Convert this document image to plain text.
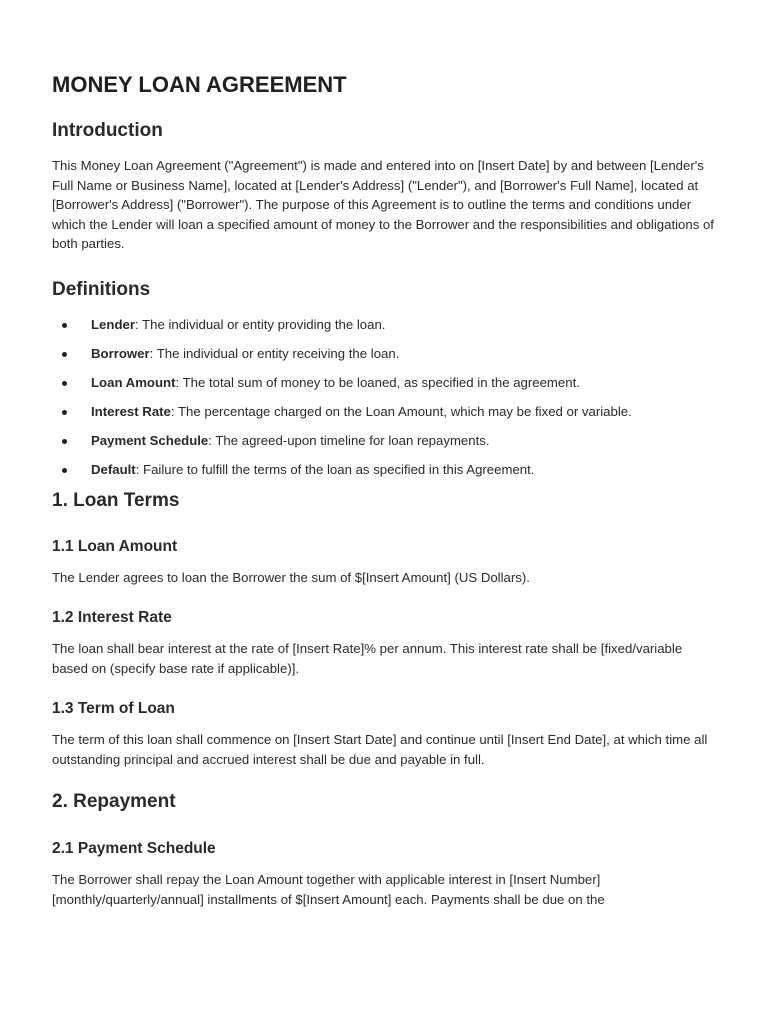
MONEY LOAN AGREEMENT
Introduction

This Money Loan Agreement ("Agreement") is made and entered into on [Insert Date] by and between [Lender's Full Name or Business Name], located at [Lender's Address] ("Lender"), and [Borrower's Full Name], located at [Borrower's Address] ("Borrower"). The purpose of this Agreement is to outline the terms and conditions under which the Lender will loan a specified amount of money to the Borrower and the responsibilities and obligations of both parties.

Definitions
Lender: The individual or entity providing the loan.
Borrower: The individual or entity receiving the loan.
Loan Amount: The total sum of money to be loaned, as specified in the agreement.
Interest Rate: The percentage charged on the Loan Amount, which may be fixed or variable.
Payment Schedule: The agreed-upon timeline for loan repayments.
Default: Failure to fulfill the terms of the loan as specified in this Agreement.
1. Loan Terms
1.1 Loan Amount

The Lender agrees to loan the Borrower the sum of $[Insert Amount] (US Dollars).

1.2 Interest Rate

The loan shall bear interest at the rate of [Insert Rate]% per annum. This interest rate shall be [fixed/variable based on (specify base rate if applicable)].

1.3 Term of Loan

The term of this loan shall commence on [Insert Start Date] and continue until [Insert End Date], at which time all outstanding principal and accrued interest shall be due and payable in full.

2. Repayment
2.1 Payment Schedule

The Borrower shall repay the Loan Amount together with applicable interest in [Insert Number] [monthly/quarterly/annual] installments of $[Insert Amount] each. Payments shall be due on the
